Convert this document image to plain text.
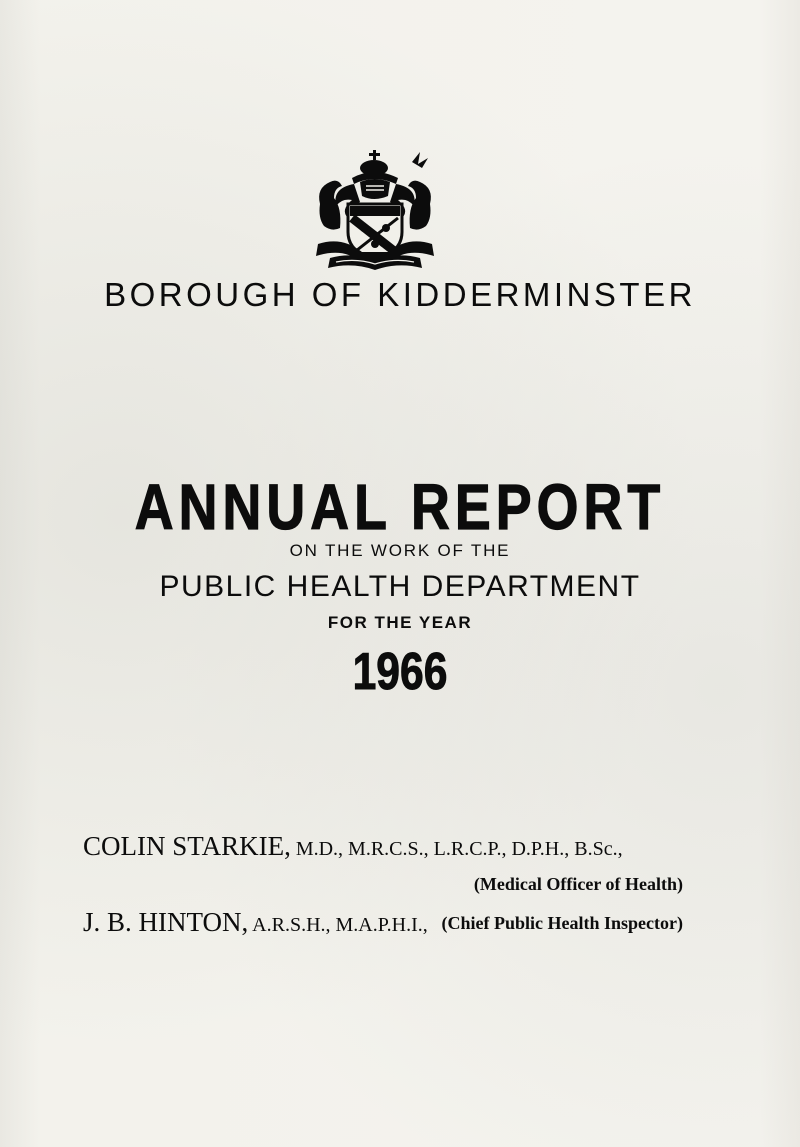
BOROUGH OF KIDDERMINSTER
ANNUAL REPORT
ON THE WORK OF THE
PUBLIC HEALTH DEPARTMENT
FOR THE YEAR
1966
COLIN STARKIE, M.D., M.R.C.S., L.R.C.P., D.P.H., B.Sc.,
(Medical Officer of Health)
J. B. HINTON, A.R.S.H., M.A.P.H.I., (Chief Public Health Inspector)
